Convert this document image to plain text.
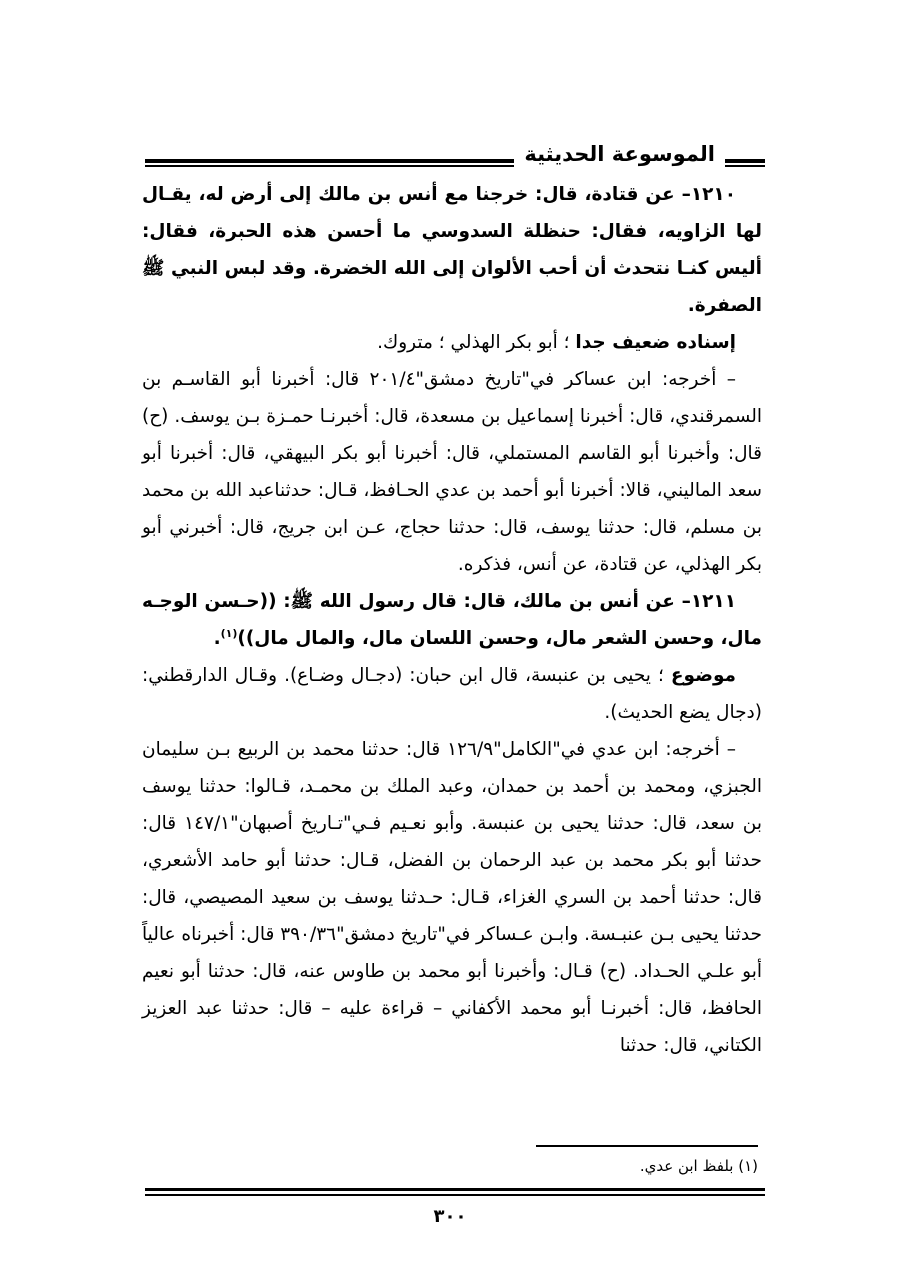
الموسوعة الحديثية

١٢١٠– عن قتادة، قال: خرجنا مع أنس بن مالك إلى أرض له، يقـال لها الزاويه، فقال: حنظلة السدوسي ما أحسن هذه الحبرة، فقال: أليس كنـا نتحدث أن أحب الألوان إلى الله الخضرة. وقد لبس النبي ﷺ الصفرة.

إسناده ضعيف جدا ؛ أبو بكر الهذلي ؛ متروك.

– أخرجه: ابن عساكر في"تاريخ دمشق"٢٠١/٤ قال: أخبرنا أبو القاسـم بن السمرقندي، قال: أخبرنا إسماعيل بن مسعدة، قال: أخبرنـا حمـزة بـن يوسف. (ح) قال: وأخبرنا أبو القاسم المستملي، قال: أخبرنا أبو بكر البيهقي، قال: أخبرنا أبو سعد الماليني، قالا: أخبرنا أبو أحمد بن عدي الحـافظ، قـال: حدثناعبد الله بن محمد بن مسلم، قال: حدثنا يوسف، قال: حدثنا حجاج، عـن ابن جريج، قال: أخبرني أبو بكر الهذلي، عن قتادة، عن أنس، فذكره.

١٢١١– عن أنس بن مالك، قال: قال رسول الله ﷺ: ((حـسن الوجـه مال، وحسن الشعر مال، وحسن اللسان مال، والمال مال))$^{(١)}$.

موضوع ؛ يحيى بن عنبسة، قال ابن حبان: (دجـال وضـاع). وقـال الدارقطني: (دجال يضع الحديث).

– أخرجه: ابن عدي في"الكامل"١٢٦/٩ قال: حدثنا محمد بن الربيع بـن سليمان الجبزي، ومحمد بن أحمد بن حمدان، وعبد الملك بن محمـد، قـالوا: حدثنا يوسف بن سعد، قال: حدثنا يحيى بن عنبسة. وأبو نعـيم فـي"تـاريخ أصبهان"١٤٧/١ قال: حدثنا أبو بكر محمد بن عبد الرحمان بن الفضل، قـال: حدثنا أبو حامد الأشعري، قال: حدثنا أحمد بن السري الغزاء، قـال: حـدثنا يوسف بن سعيد المصيصي، قال: حدثنا يحيى بـن عنبـسة. وابـن عـساكر في"تاريخ دمشق"٣٩٠/٣٦ قال: أخبرناه عالياً أبو علـي الحـداد. (ح) قـال: وأخبرنا أبو محمد بن طاوس عنه، قال: حدثنا أبو نعيم الحافظ، قال: أخبرنـا أبو محمد الأكفاني – قراءة عليه – قال: حدثنا عبد العزيز الكتاني، قال: حدثنا

(١) بلفظ ابن عدي.
٣٠٠
